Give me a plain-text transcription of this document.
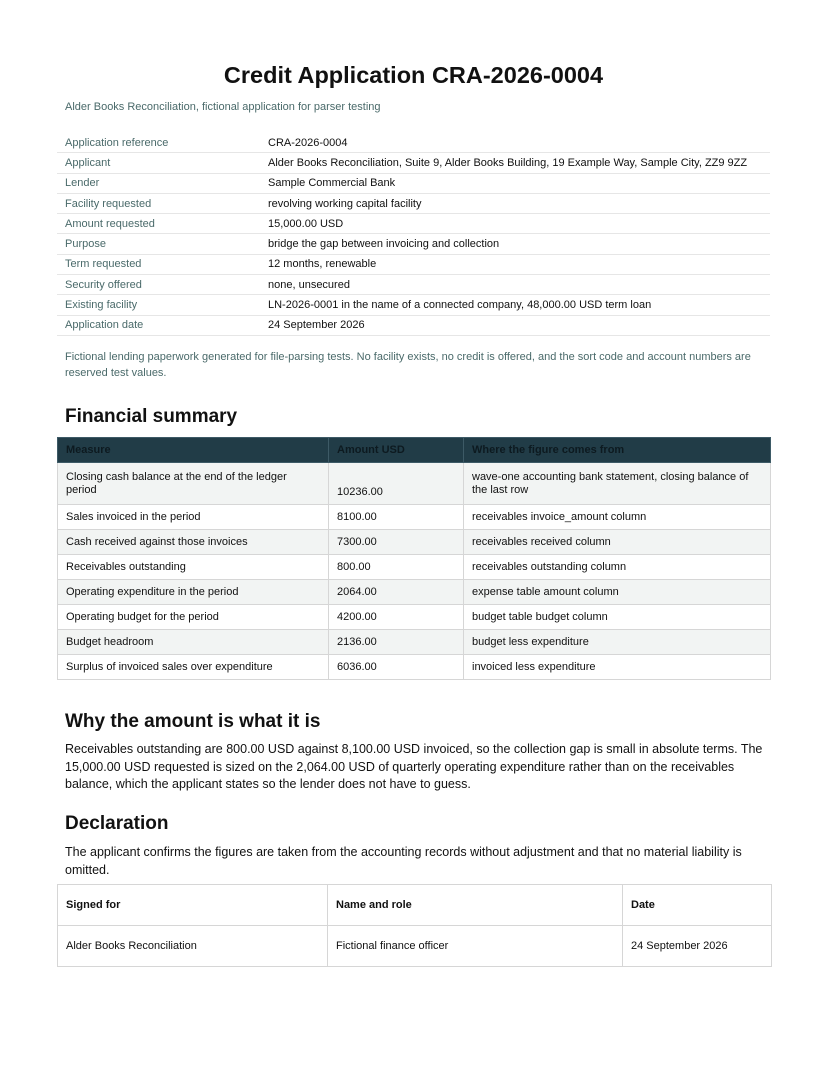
Credit Application CRA-2026-0004
Alder Books Reconciliation, fictional application for parser testing
Application reference	CRA-2026-0004
Applicant	Alder Books Reconciliation, Suite 9, Alder Books Building, 19 Example Way, Sample City, ZZ9 9ZZ
Lender	Sample Commercial Bank
Facility requested	revolving working capital facility
Amount requested	15,000.00 USD
Purpose	bridge the gap between invoicing and collection
Term requested	12 months, renewable
Security offered	none, unsecured
Existing facility	LN-2026-0001 in the name of a connected company, 48,000.00 USD term loan
Application date	24 September 2026
Fictional lending paperwork generated for file-parsing tests. No facility exists, no credit is offered, and the sort code and account numbers are reserved test values.
Financial summary
Measure	Amount USD	Where the figure comes from
Closing cash balance at the end of the ledger period	10236.00	wave-one accounting bank statement, closing balance of the last row
Sales invoiced in the period	8100.00	receivables invoice_amount column
Cash received against those invoices	7300.00	receivables received column
Receivables outstanding	800.00	receivables outstanding column
Operating expenditure in the period	2064.00	expense table amount column
Operating budget for the period	4200.00	budget table budget column
Budget headroom	2136.00	budget less expenditure
Surplus of invoiced sales over expenditure	6036.00	invoiced less expenditure
Why the amount is what it is
Receivables outstanding are 800.00 USD against 8,100.00 USD invoiced, so the collection gap is small in absolute terms. The 15,000.00 USD requested is sized on the 2,064.00 USD of quarterly operating expenditure rather than on the receivables balance, which the applicant states so the lender does not have to guess.
Declaration
The applicant confirms the figures are taken from the accounting records without adjustment and that no material liability is omitted.
Signed for	Name and role	Date
Alder Books Reconciliation	Fictional finance officer	24 September 2026
